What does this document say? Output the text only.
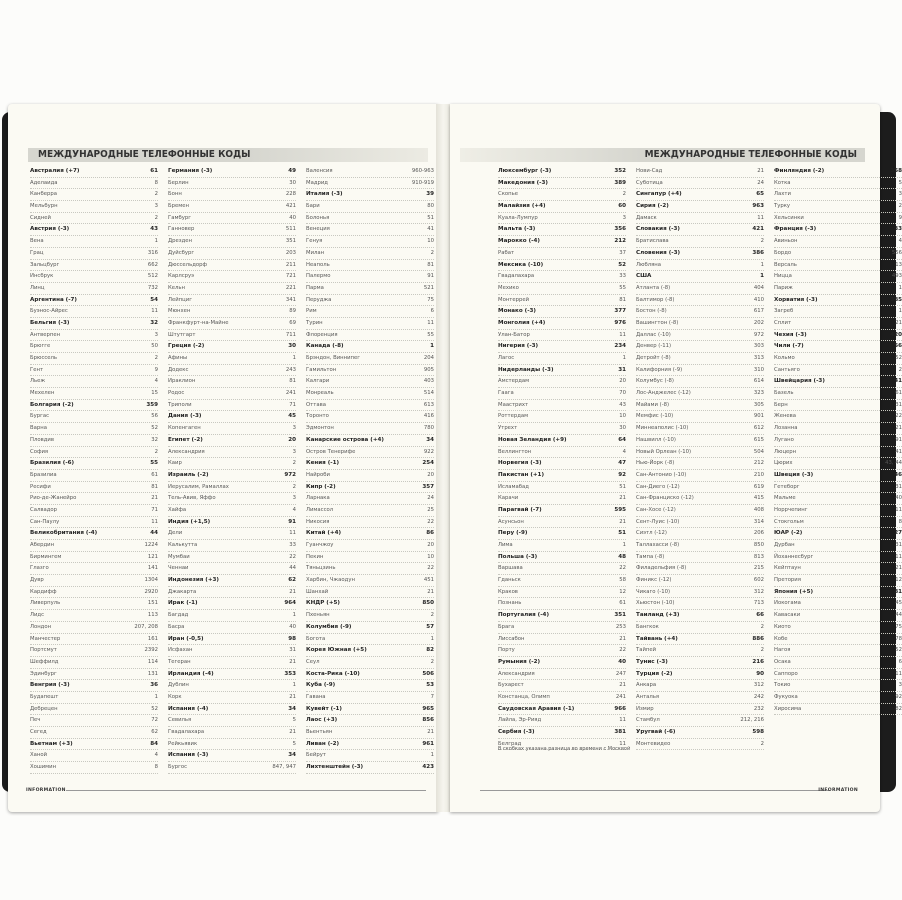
МЕЖДУНАРОДНЫЕ ТЕЛЕФОННЫЕ КОДЫ
Австралия (+7)	61
Аделаида	8
Канберра	2
Мельбурн	3
Сидней	2
Австрия (-3)	43
Вена	1
Грац	316
Зальцбург	662
Инсбрук	512
Линц	732
Аргентина (-7)	54
Буэнос-Айрес	11
Бельгия (-3)	32
Антверпен	3
Брюгге	50
Брюссель	2
Гент	9
Льеж	4
Мехелен	15
Болгария (-2)	359
Бургас	56
Варна	52
Пловдив	32
София	2
Бразилия (-6)	55
Бразилиа	61
Ресифи	81
Рио-де-Жанейро	21
Салвадор	71
Сан-Паулу	11
Великобритания (-4)	44
Абердин	1224
Бирмингем	121
Глазго	141
Дувр	1304
Кардифф	2920
Ливерпуль	151
Лидс	113
Лондон	207, 208
Манчестер	161
Портсмут	2392
Шеффилд	114
Эдинбург	131
Венгрия (-3)	36
Будапешт	1
Дебрецен	52
Печ	72
Сегед	62
Вьетнам (+3)	84
Ханой	4
Хошимин	8
Германия (-3)	49
Берлин	30
Бонн	228
Бремен	421
Гамбург	40
Ганновер	511
Дрезден	351
Дуйсбург	203
Дюссельдорф	211
Карлсруэ	721
Кельн	221
Лейпциг	341
Мюнхен	89
Франкфурт-на-Майне	69
Штутгарт	711
Греция (-2)	30
Афины	1
Додекс	243
Ираклион	81
Родос	241
Триполи	71
Дания (-3)	45
Копенгаген	3
Египет (-2)	20
Александрия	3
Каир	2
Израиль (-2)	972
Иерусалим, Рамаллах	2
Тель-Авив, Яффо	3
Хайфа	4
Индия (+1,5)	91
Дели	11
Калькутта	33
Мумбаи	22
Ченнаи	44
Индонезия (+3)	62
Джакарта	21
Ирак (-1)	964
Багдад	1
Басра	40
Иран (-0,5)	98
Исфахан	31
Тегеран	21
Ирландия (-4)	353
Дублин	1
Корк	21
Испания (-4)	34
Севилья	5
Гвадалахара	21
Рейкьявик	5
Испания (-3)	34
Бургос	847, 947
Валенсия	960-963
Мадрид	910-919
Италия (-3)	39
Бари	80
Болонья	51
Венеция	41
Генуя	10
Милан	2
Неаполь	81
Палермо	91
Парма	521
Перуджа	75
Рим	6
Турин	11
Флоренция	55
Канада (-8)	1
Брэндон, Виннипег	204
Гамильтон	905
Калгари	403
Монреаль	514
Оттава	613
Торонто	416
Эдмонтон	780
Канарские острова (+4)	34
Остров Тенерифе	922
Кения (-1)	254
Найроби	20
Кипр (-2)	357
Ларнака	24
Лимассол	25
Никосия	22
Китай (+4)	86
Гуанчжоу	20
Пекин	10
Тяньцзинь	22
Харбин, Чжаодун	451
Шанхай	21
КНДР (+5)	850
Пхеньян	2
Колумбия (-9)	57
Богота	1
Корея Южная (+5)	82
Сеул	2
Коста-Рика (-10)	506
Куба (-9)	53
Гавана	7
Кувейт (-1)	965
Лаос (+3)	856
Вьентьян	21
Ливан (-2)	961
Бейрут	1
Лихтенштейн (-3)	423
INFORMATION
МЕЖДУНАРОДНЫЕ ТЕЛЕФОННЫЕ КОДЫ
Люксембург (-3)	352
Македония (-3)	389
Скопье	2
Малайзия (+4)	60
Куала-Лумпур	3
Мальта (-3)	356
Марокко (-4)	212
Рабат	37
Мексика (-10)	52
Гвадалахара	33
Мехико	55
Монтеррей	81
Монако (-3)	377
Монголия (+4)	976
Улан-Батор	11
Нигерия (-3)	234
Лагос	1
Нидерланды (-3)	31
Амстердам	20
Гаага	70
Маастрихт	43
Роттердам	10
Утрехт	30
Новая Зеландия (+9)	64
Веллингтон	4
Норвегия (-3)	47
Пакистан (+1)	92
Исламабад	51
Карачи	21
Парагвай (-7)	595
Асунсьон	21
Перу (-9)	51
Лима	1
Польша (-3)	48
Варшава	22
Гданьск	58
Краков	12
Познань	61
Португалия (-4)	351
Брага	253
Лиссабон	21
Порту	22
Румыния (-2)	40
Александрия	247
Бухарест	21
Констанца, Олимп	241
Саудовская Аравия (-1)	966
Лайла, Эр-Рияд	11
Сербия (-3)	381
Белград	11
Нови-Сад	21
Суботица	24
Сингапур (+4)	65
Сирия (-2)	963
Дамаск	11
Словакия (-3)	421
Братислава	2
Словения (-3)	386
Любляна	1
США	1
Атланта (-8)	404
Балтимор (-8)	410
Бостон (-8)	617
Вашингтон (-8)	202
Даллас (-10)	972
Денвер (-11)	303
Детройт (-8)	313
Калифорния (-9)	310
Колумбус (-8)	614
Лос-Анджелес (-12)	323
Майами (-8)	305
Мемфис (-10)	901
Миннеаполис (-10)	612
Нашвилл (-10)	615
Новый Орлеан (-10)	504
Нью-Йорк (-8)	212
Сан-Антонио (-10)	210
Сан-Диего (-12)	619
Сан-Франциско (-12)	415
Сан-Хосе (-12)	408
Сент-Луис (-10)	314
Сиэтл (-12)	206
Таллахасси (-8)	850
Тампа (-8)	813
Филадельфия (-8)	215
Финикс (-12)	602
Чикаго (-10)	312
Хьюстон (-10)	713
Таиланд (+3)	66
Бангкок	2
Тайвань (+4)	886
Тайпей	2
Тунис (-3)	216
Турция (-2)	90
Анкара	312
Анталья	242
Измир	232
Стамбул	212, 216
Уругвай (-6)	598
Монтевидео	2
Финляндия (-2)	358
Котка	5
Лахти	3
Турку	2
Хельсинки	9
Франция (-3)	33
Авиньон	4
Бордо	556
Версаль	13
Ницца	493
Париж	1
Хорватия (-3)	385
Загреб	1
Сплит	21
Чехия (-3)	420
Чили (-7)	56
Кольмо	52
Сантьяго	2
Швейцария (-3)	41
Базель	61
Берн	31
Женева	22
Лозанна	21
Лугано	91
Люцерн	41
Цюрих	43, 44
Швеция (-3)	46
Гетеборг	31
Мальме	40
Норрчепинг	11
Стокгольм	8
ЮАР (-2)	27
Дурбан	31
Йоханнесбург	11
Кейптаун	21
Претория	12
Япония (+5)	81
Иокогама	45
Кавасаки	44
Киото	75
Кобе	78
Нагоя	52
Осака	6
Саппоро	11
Токио	3
Фукуока	92
Хиросима	82
В скобках указана разница во времени с Москвой
INFORMATION
